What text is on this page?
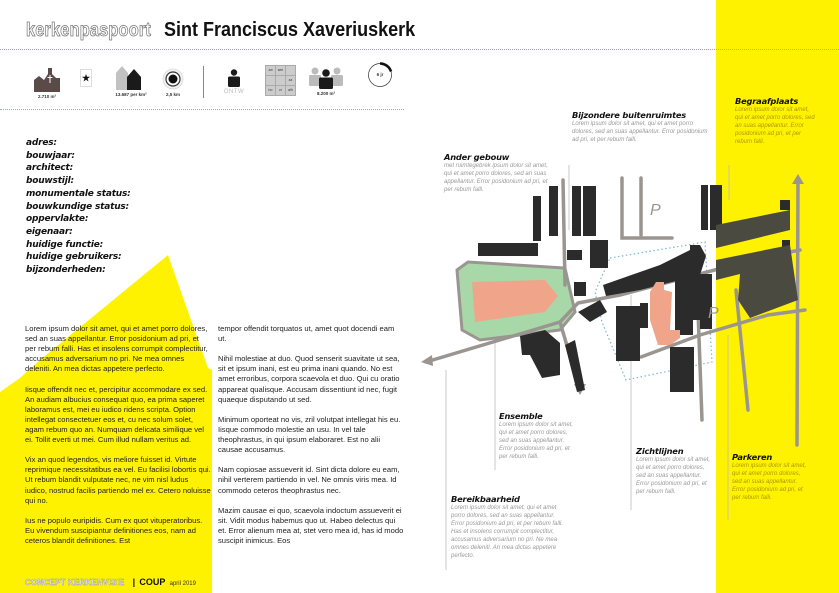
kerkenpaspoort Sint Franciscus Xaveriuskerk
2.710 m²
★
13.687 per km²	2,5 km	ONTW
zw	wm
za
ho	vr	alh
8.200 m²
6 jr
adres:
bouwjaar:
architect:
bouwstijl:
monumentale status:
bouwkundige status:
oppervlakte:
eigenaar:
huidige functie:
huidige gebruikers:
bijzonderheden:

Lorem ipsum dolor sit amet, qui et amet porro dolores, sed an suas appellantur. Error posidonium ad pri, et per rebum falli. Has et insolens corrumpit complectitur, accusamus adversarium no pri. Ne mea omnes deleniti. An mea dictas appetere perfecto.

Iisque offendit nec et, percipitur accommodare ex sed. An audiam albucius consequat quo, ea prima saperet laboramus est, mei eu iudico ridens scripta. Option intellegat consectetuer eos et, cu nec solum solet, agam rebum quo an. Numquam delicata similique vel ei. Tollit everti ut mei. Cum illud nullam veritus ad.

Vix an quod legendos, vis meliore fuisset id. Virtute reprimique necessitatibus ea vel. Eu facilisi lobortis qui. Ut rebum blandit vulputate nec, ne vim nisl ludus iudico, nostrud facilis partiendo mel ex. Cetero noluisse qui no.

Ius ne populo euripidis. Cum ex quot vituperatoribus. Eu vivendum suscipiantur definitiones eos, nam ad ceteros blandit definitiones. Est

tempor offendit torquatos ut, amet quot docendi eam ut.

Nihil molestiae at duo. Quod senserit suavitate ut sea, sit et ipsum inani, est eu prima inani quando. No est amet erroribus, corpora scaevola et duo. Qui cu oratio appareat qualisque. Accusam dissentiunt id nec, fugit quaeque disputando ut sed.

Minimum oporteat no vis, zril volutpat intellegat his eu. Iisque commodo molestie an usu. In vel tale theophrastus, in qui ipsum elaboraret. Est no alii causae accusamus.

Nam copiosae assueverit id. Sint dicta dolore eu eam, nihil verterem partiendo in vel. Ne omnis viris mea. Id commodo ceteros theophrastus nec.

Mazim causae ei quo, scaevola indoctum assueverit ei sit. Vidit modus habemus quo ut. Habeo delectus qui et. Error alienum mea at, stet vero mea id, has id modo suscipit inimicus. Eos

CONCEPT KERKENVISIE | COUP april 2019
P
P
Bijzondere buitenruimtes
Lorem ipsum dolor sit amet, qui et amet porro dolores, sed an suas appellantur. Error posidonium ad pri, et per rebum falli.
Ander gebouw
met ruimtegebrek ipsum dolor sit amet, qui et amet porro dolores, sed an suas appellantur. Error posidonium ad pri, et per rebum falli.
Begraafplaats
Lorem ipsum dolor sit amet, qui et amet porro dolores, sed an suas appellantur. Error posidonium ad pri, et per rebum falli.
Ensemble
Lorem ipsum dolor sit amet, qui et amet porro dolores, sed an suas appellantur. Error posidonium ad pri, et per rebum falli.
Bereikbaarheid
Lorem ipsum dolor sit amet, qui et amet porro dolores, sed an suas appellantur. Error posidonium ad pri, et per rebum falli. Has et insolens corrumpit complectitur, accusamus adversarium no pri. Ne mea omnes deleniti. An mea dictas appetere perfecto.
Zichtlijnen
Lorem ipsum dolor sit amet, qui et amet porro dolores, sed an suas appellantur. Error posidonium ad pri, et per rebum falli.
Parkeren
Lorem ipsum dolor sit amet, qui et amet porro dolores, sed an suas appellantur. Error posidonium ad pri, et per rebum falli.
